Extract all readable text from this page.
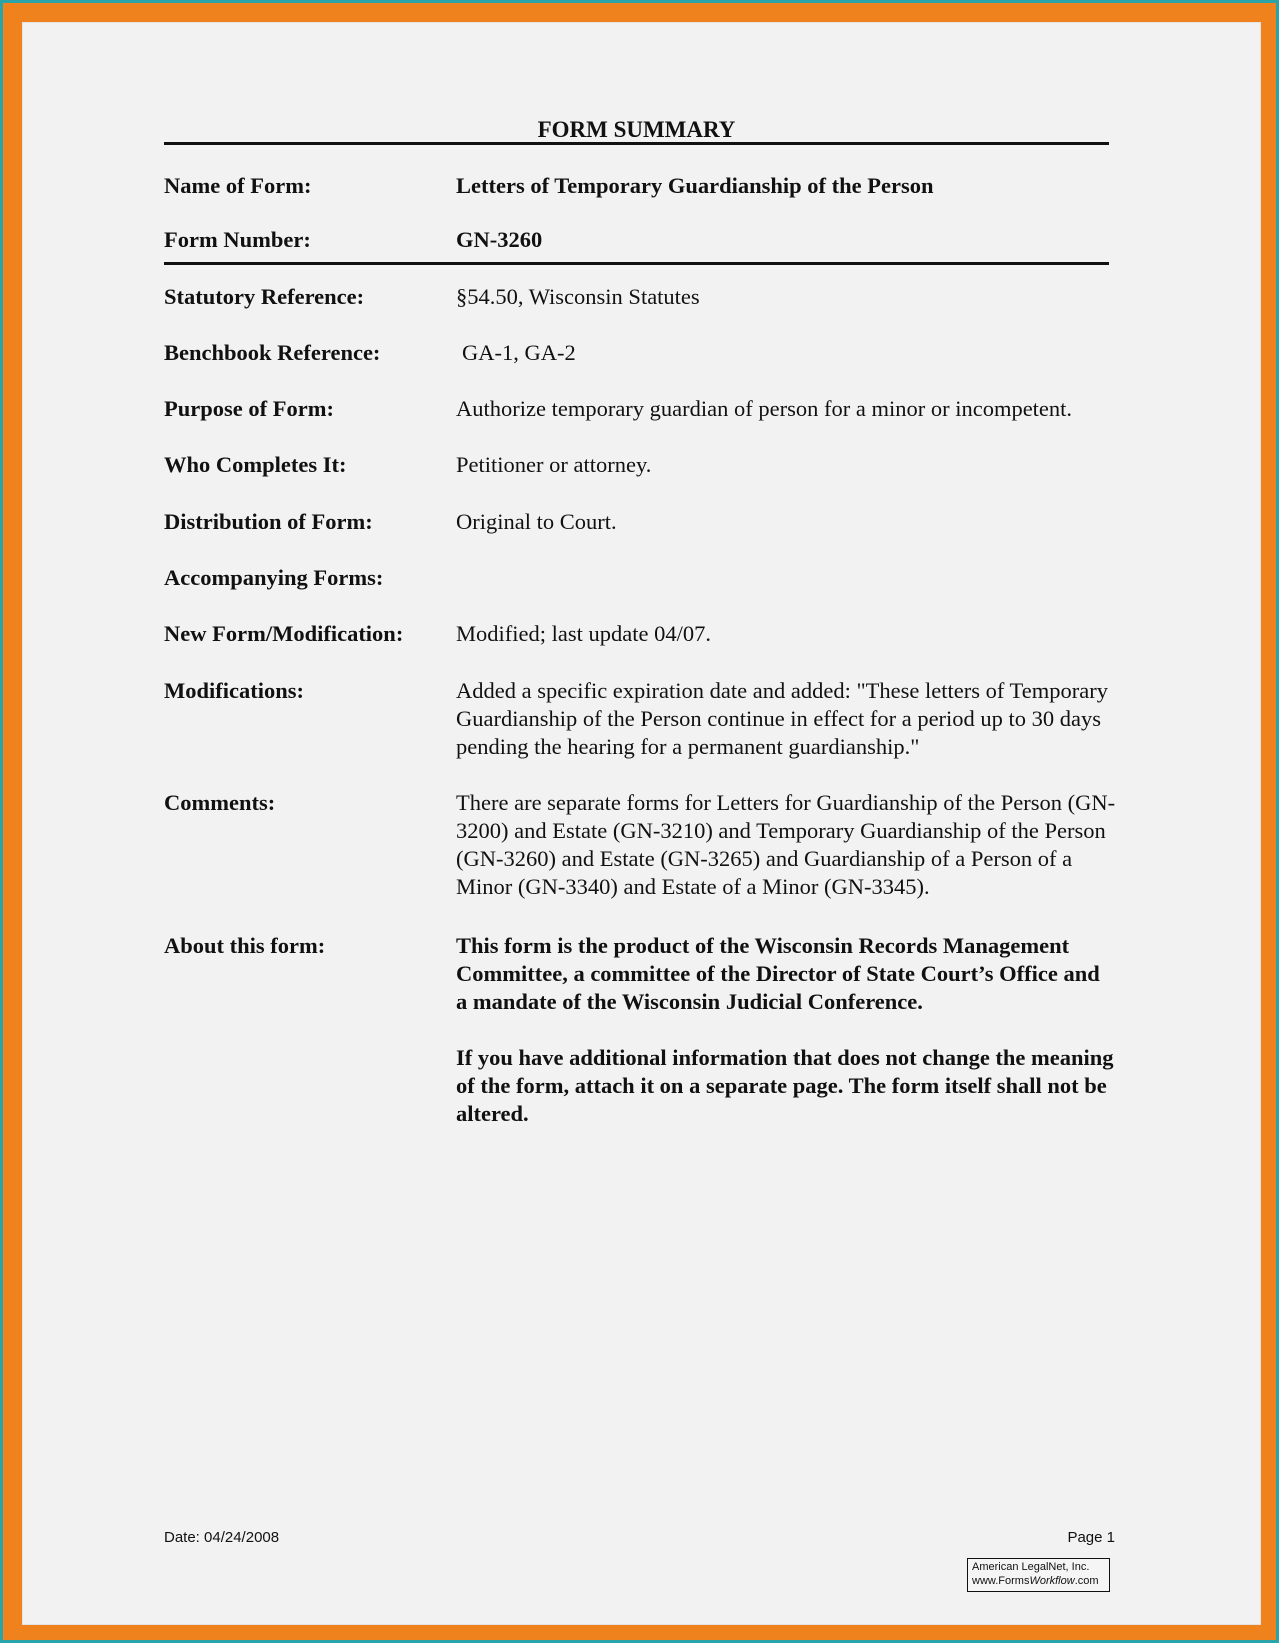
FORM SUMMARY
Name of Form:	Letters of Temporary Guardianship of the Person
Form Number:	GN-3260
Statutory Reference:	§54.50, Wisconsin Statutes
Benchbook Reference:	GA-1, GA-2
Purpose of Form:	Authorize temporary guardian of person for a minor or incompetent.
Who Completes It:	Petitioner or attorney.
Distribution of Form:	Original to Court.
Accompanying Forms:
New Form/Modification:	Modified; last update 04/07.
Modifications:	Added a specific expiration date and added: "These letters of Temporary Guardianship of the Person continue in effect for a period up to 30 days pending the hearing for a permanent guardianship."
Comments:	There are separate forms for Letters for Guardianship of the Person (GN-3200) and Estate (GN-3210) and Temporary Guardianship of the Person (GN-3260) and Estate (GN-3265) and Guardianship of a Person of a Minor (GN-3340) and Estate of a Minor (GN-3345).
About this form:	This form is the product of the Wisconsin Records Management Committee, a committee of the Director of State Court’s Office and a mandate of the Wisconsin Judicial Conference.

If you have additional information that does not change the meaning of the form, attach it on a separate page. The form itself shall not be altered.

Date: 04/24/2008	Page 1
American LegalNet, Inc.
www.FormsWorkflow.com
